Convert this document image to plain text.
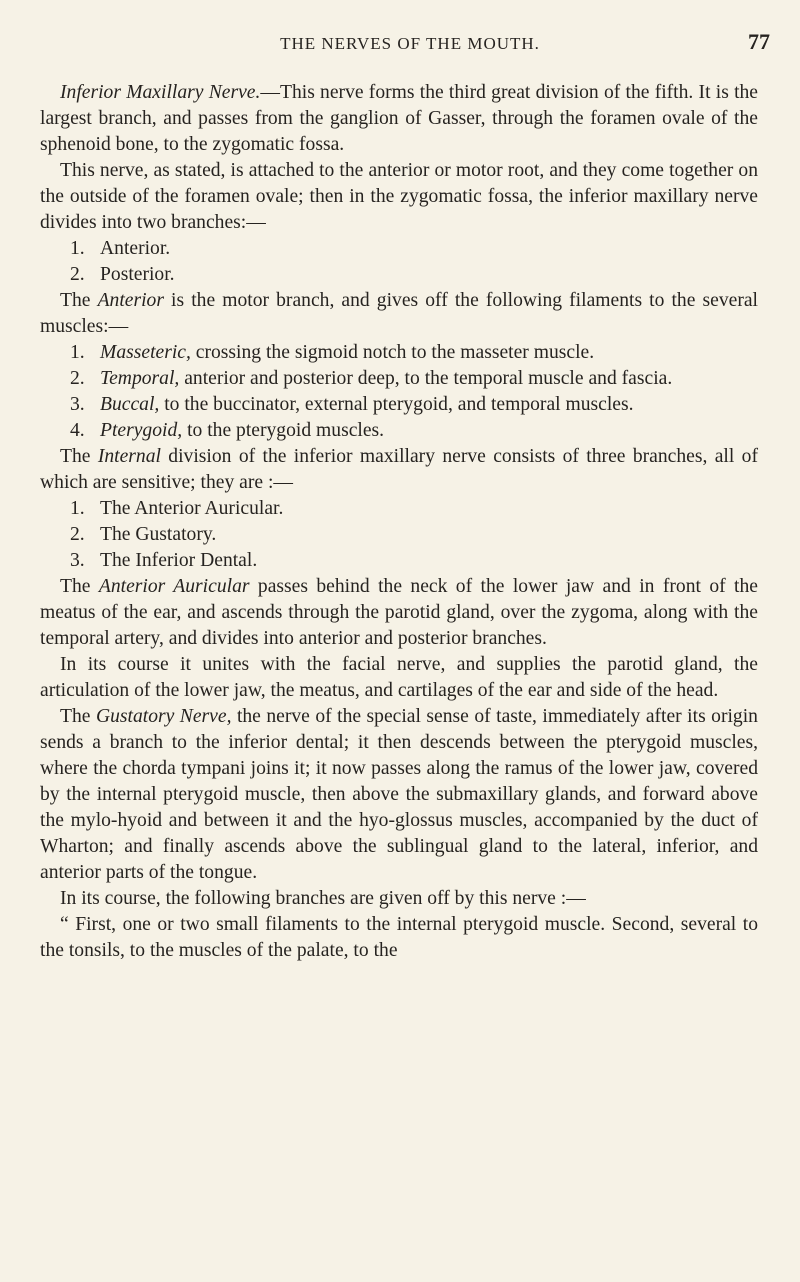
THE NERVES OF THE MOUTH.	77

Inferior Maxillary Nerve.—This nerve forms the third great division of the fifth. It is the largest branch, and passes from the ganglion of Gasser, through the foramen ovale of the sphenoid bone, to the zygomatic fossa.

This nerve, as stated, is attached to the anterior or motor root, and they come together on the outside of the foramen ovale; then in the zygomatic fossa, the inferior maxillary nerve divides into two branches:—

1. Anterior.

2. Posterior.

The Anterior is the motor branch, and gives off the following filaments to the several muscles:—

1. Masseteric, crossing the sigmoid notch to the masseter muscle.

2. Temporal, anterior and posterior deep, to the temporal muscle and fascia.

3. Buccal, to the buccinator, external pterygoid, and temporal muscles.

4. Pterygoid, to the pterygoid muscles.

The Internal division of the inferior maxillary nerve consists of three branches, all of which are sensitive; they are :—

1. The Anterior Auricular.

2. The Gustatory.

3. The Inferior Dental.

The Anterior Auricular passes behind the neck of the lower jaw and in front of the meatus of the ear, and ascends through the parotid gland, over the zygoma, along with the temporal artery, and divides into anterior and posterior branches.

In its course it unites with the facial nerve, and supplies the parotid gland, the articulation of the lower jaw, the meatus, and cartilages of the ear and side of the head.

The Gustatory Nerve, the nerve of the special sense of taste, immediately after its origin sends a branch to the inferior dental; it then descends between the pterygoid muscles, where the chorda tympani joins it; it now passes along the ramus of the lower jaw, covered by the internal pterygoid muscle, then above the submaxillary glands, and forward above the mylo-hyoid and between it and the hyo-glossus muscles, accompanied by the duct of Wharton; and finally ascends above the sublingual gland to the lateral, inferior, and anterior parts of the tongue.

In its course, the following branches are given off by this nerve :—

“ First, one or two small filaments to the internal pterygoid muscle. Second, several to the tonsils, to the muscles of the palate, to the
